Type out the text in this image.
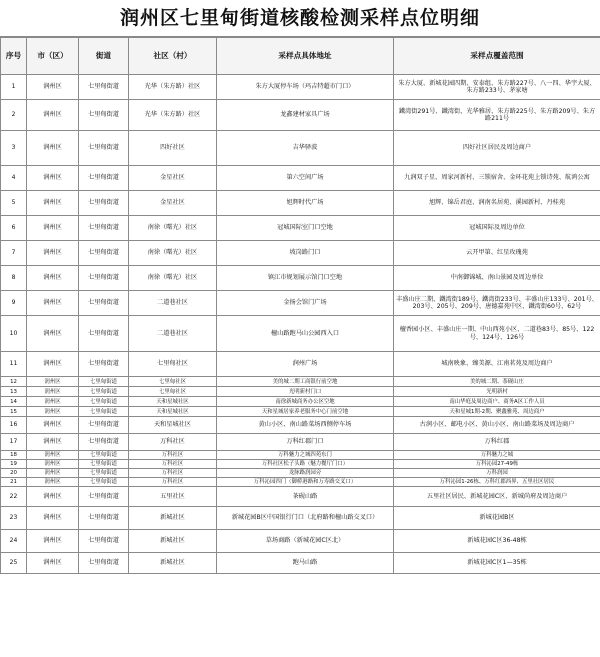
润州区七里甸街道核酸检测采样点位明细
序号	市（区）	街道	社区（村）	采样点具体地址	采样点覆盖范围
1	润州区	七里甸街道	光华（朱方路）社区	朱方大厦停车场（玛吉特超市门口）	朱方大厦、新城花园四期、安泰组、朱方路227号、八一四、华宇大厦、朱方路233号、茅家塘
2	润州区	七里甸街道	光华（朱方路）社区	龙鑫建材家具广场	鐵湾街291号、鐵湾街、光华雅居、朱方路225号、朱方路209号、朱方路211号
3	润州区	七里甸街道	四好社区	吉华驿波	四好社区居民及周边商户
4	润州区	七里甸街道	金星社区	第六空间广场	九润双子星、周家河新村、三锁宿舍、金环花苑上锁诗苑、航鸿公寓
5	润州区	七里甸街道	金星社区	旭辉时代广场	旭辉、锦岳君庭、润南名居苑、溪园新村、丹桂苑
6	润州区	七里甸街道	南徐（曙光）社区	冠城国际室门口空地	冠城国际及周边单位
7	润州区	七里甸街道	南徐（曙光）社区	坡岗路门口	云开甲第、红星玫瑰苑
8	润州区	七里甸街道	南徐（曙光）社区	镇江市规划展示馆门口空地	中南御锦城、南山景园及周边单位
9	润州区	七里甸街道	二道巷社区	金扬会馆门广场	丰盛山庄二期、鐵湾街189号、鐵湾街233号、丰盛山庄133号、201号、203号、205号、209号、唐德嘉苑中区、鐵湾街60号、62号
10	润州区	七里甸街道	二道巷社区	檀山路跑马山公园西入口	檀香园小区、丰盛山庄一期、中山西苑小区、二道巷83号、85号、122号、124号、126号
11	润州区	七里甸街道	七里甸社区	润州广场	城南映象、臻美源、江南茗苑及周边商户
12	润州区	七里甸街道	七里甸社区	美的城二期工商银行前空地	美的城二期、茶砚山庄
13	润州区	七里甸街道	七里甸社区	光明新村门口	光明新村
14	润州区	七里甸街道	天和星城社区	南徐新城商务办公区空地	南山华庭及周边商户、商务A区工作人员
15	润州区	七里甸街道	天和星城社区	天和星城居家养老服务中心门前空地	天和星城1期-2期、聚鑫雅苑、周边商户
16	润州区	七里甸街道	天和星城社区	黄山小区、南山路菜场西侧停车场	古润小区、邮电小区、黄山小区、南山路菜场及周边商户
17	润州区	七里甸街道	万科社区	万科红郡门口	万科红郡
18	润州区	七里甸街道	万科社区	万科魅力之城四苑东门	万科魅力之城
19	润州区	七里甸街道	万科社区	万科社区松子头路（魅力餐厅门口）	万科沁园27-49栋
20	润州区	七里甸街道	万科社区	龙脉路润园旁	万科润园
21	润州区	七里甸街道	万科社区	万科沁园四门（御桥港路和万寿路交叉口）	万科沁园1-26栋、万科红郡西界、五里社区居民
22	润州区	七里甸街道	五里社区	茶砚山路	五里社区居民、新城花园C区、新城尚府及周边商户
23	润州区	七里甸街道	新城社区	新城花园B区中国银行门口（北府路和檀山路交叉口）	新城花园B区
24	润州区	七里甸街道	新城社区	草场商路（新城花园C区北）	新城花园C区36-48栋
25	润州区	七里甸街道	新城社区	跑马山路	新城花园C区1—35栋
